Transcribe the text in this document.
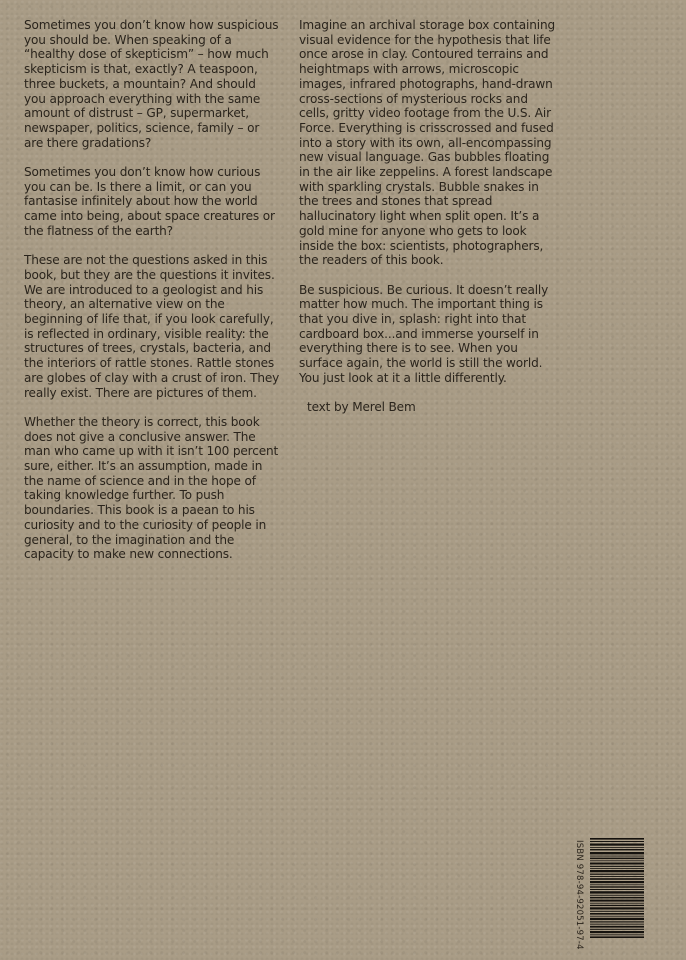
Sometimes you don’t know how suspicious you should be. When speaking of a “healthy dose of skepticism” – how much skepticism is that, exactly? A teaspoon, three buckets, a mountain? And should you approach everything with the same amount of distrust – GP, supermarket, newspaper, politics, science, family – or are there gradations?

Sometimes you don’t know how curious you can be. Is there a limit, or can you fantasise infinitely about how the world came into being, about space creatures or the flatness of the earth?

These are not the questions asked in this book, but they are the questions it invites. We are introduced to a geologist and his theory, an alternative view on the beginning of life that, if you look carefully, is reflected in ordinary, visible reality: the structures of trees, crystals, bacteria, and the interiors of rattle stones. Rattle stones are globes of clay with a crust of iron. They really exist. There are pictures of them.

Whether the theory is correct, this book does not give a conclusive answer. The man who came up with it isn’t 100 percent sure, either. It’s an assumption, made in the name of science and in the hope of taking knowledge further. To push boundaries. This book is a paean to his curiosity and to the curiosity of people in general, to the imagination and the capacity to make new connections.

Imagine an archival storage box containing visual evidence for the hypothesis that life once arose in clay. Contoured terrains and heightmaps with arrows, microscopic images, infrared photographs, hand-drawn cross-sections of mysterious rocks and cells, gritty video footage from the U.S. Air Force. Everything is crisscrossed and fused into a story with its own, all-encompassing new visual language. Gas bubbles floating in the air like zeppelins. A forest landscape with sparkling crystals. Bubble snakes in the trees and stones that spread hallucinatory light when split open. It’s a gold mine for anyone who gets to look inside the box: scientists, photographers, the readers of this book.

Be suspicious. Be curious. It doesn’t really matter how much. The important thing is that you dive in, splash: right into that cardboard box...and immerse yourself in everything there is to see. When you surface again, the world is still the world. You just look at it a little differently.

text by Merel Bem

ISBN 978-94-92051-97-4
